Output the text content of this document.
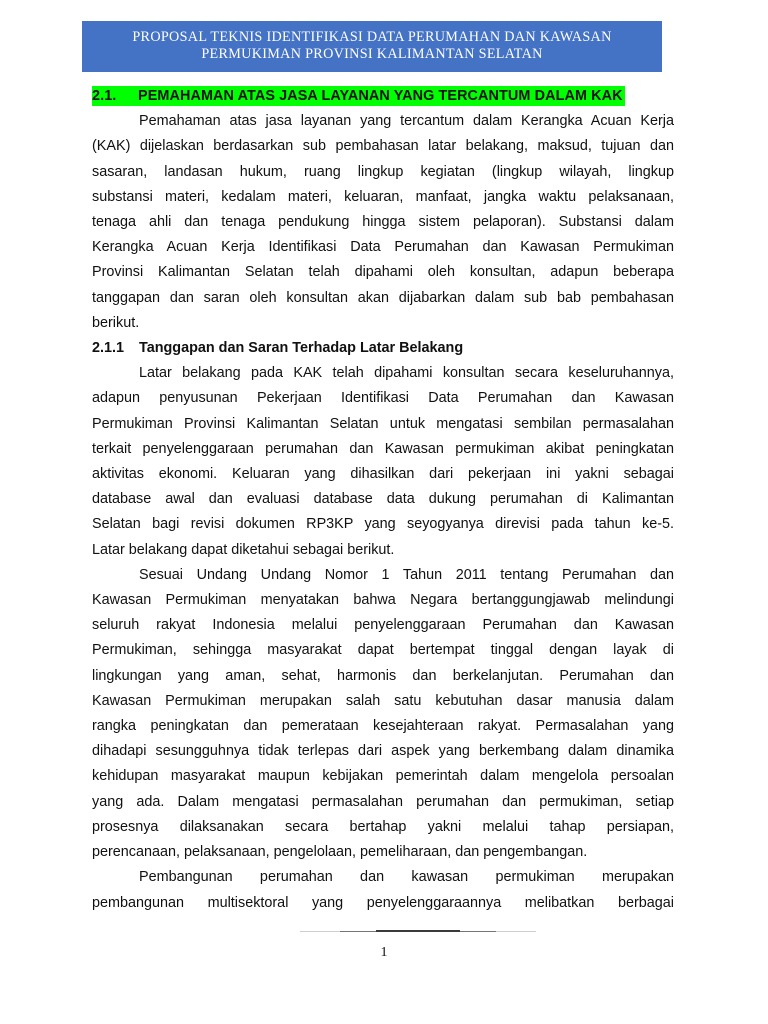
PROPOSAL TEKNIS IDENTIFIKASI DATA PERUMAHAN DAN KAWASAN
PERMUKIMAN PROVINSI KALIMANTAN SELATAN
2.1. PEMAHAMAN ATAS JASA LAYANAN YANG TERCANTUM DALAM KAK
Pemahaman atas jasa layanan yang tercantum dalam Kerangka Acuan Kerja
(KAK) dijelaskan berdasarkan sub pembahasan latar belakang, maksud, tujuan dan
sasaran, landasan hukum, ruang lingkup kegiatan (lingkup wilayah, lingkup
substansi materi, kedalam materi, keluaran, manfaat, jangka waktu pelaksanaan,
tenaga ahli dan tenaga pendukung hingga sistem pelaporan). Substansi dalam
Kerangka Acuan Kerja Identifikasi Data Perumahan dan Kawasan Permukiman
Provinsi Kalimantan Selatan telah dipahami oleh konsultan, adapun beberapa
tanggapan dan saran oleh konsultan akan dijabarkan dalam sub bab pembahasan
berikut.
2.1.1 Tanggapan dan Saran Terhadap Latar Belakang
Latar belakang pada KAK telah dipahami konsultan secara keseluruhannya,
adapun penyusunan Pekerjaan Identifikasi Data Perumahan dan Kawasan
Permukiman Provinsi Kalimantan Selatan untuk mengatasi sembilan permasalahan
terkait penyelenggaraan perumahan dan Kawasan permukiman akibat peningkatan
aktivitas ekonomi. Keluaran yang dihasilkan dari pekerjaan ini yakni sebagai
database awal dan evaluasi database data dukung perumahan di Kalimantan
Selatan bagi revisi dokumen RP3KP yang seyogyanya direvisi pada tahun ke-5.
Latar belakang dapat diketahui sebagai berikut.
Sesuai Undang Undang Nomor 1 Tahun 2011 tentang Perumahan dan
Kawasan Permukiman menyatakan bahwa Negara bertanggungjawab melindungi
seluruh rakyat Indonesia melalui penyelenggaraan Perumahan dan Kawasan
Permukiman, sehingga masyarakat dapat bertempat tinggal dengan layak di
lingkungan yang aman, sehat, harmonis dan berkelanjutan. Perumahan dan
Kawasan Permukiman merupakan salah satu kebutuhan dasar manusia dalam
rangka peningkatan dan pemerataan kesejahteraan rakyat. Permasalahan yang
dihadapi sesungguhnya tidak terlepas dari aspek yang berkembang dalam dinamika
kehidupan masyarakat maupun kebijakan pemerintah dalam mengelola persoalan
yang ada. Dalam mengatasi permasalahan perumahan dan permukiman, setiap
prosesnya dilaksanakan secara bertahap yakni melalui tahap persiapan,
perencanaan, pelaksanaan, pengelolaan, pemeliharaan, dan pengembangan.
Pembangunan perumahan dan kawasan permukiman merupakan
pembangunan multisektoral yang penyelenggaraannya melibatkan berbagai
1
